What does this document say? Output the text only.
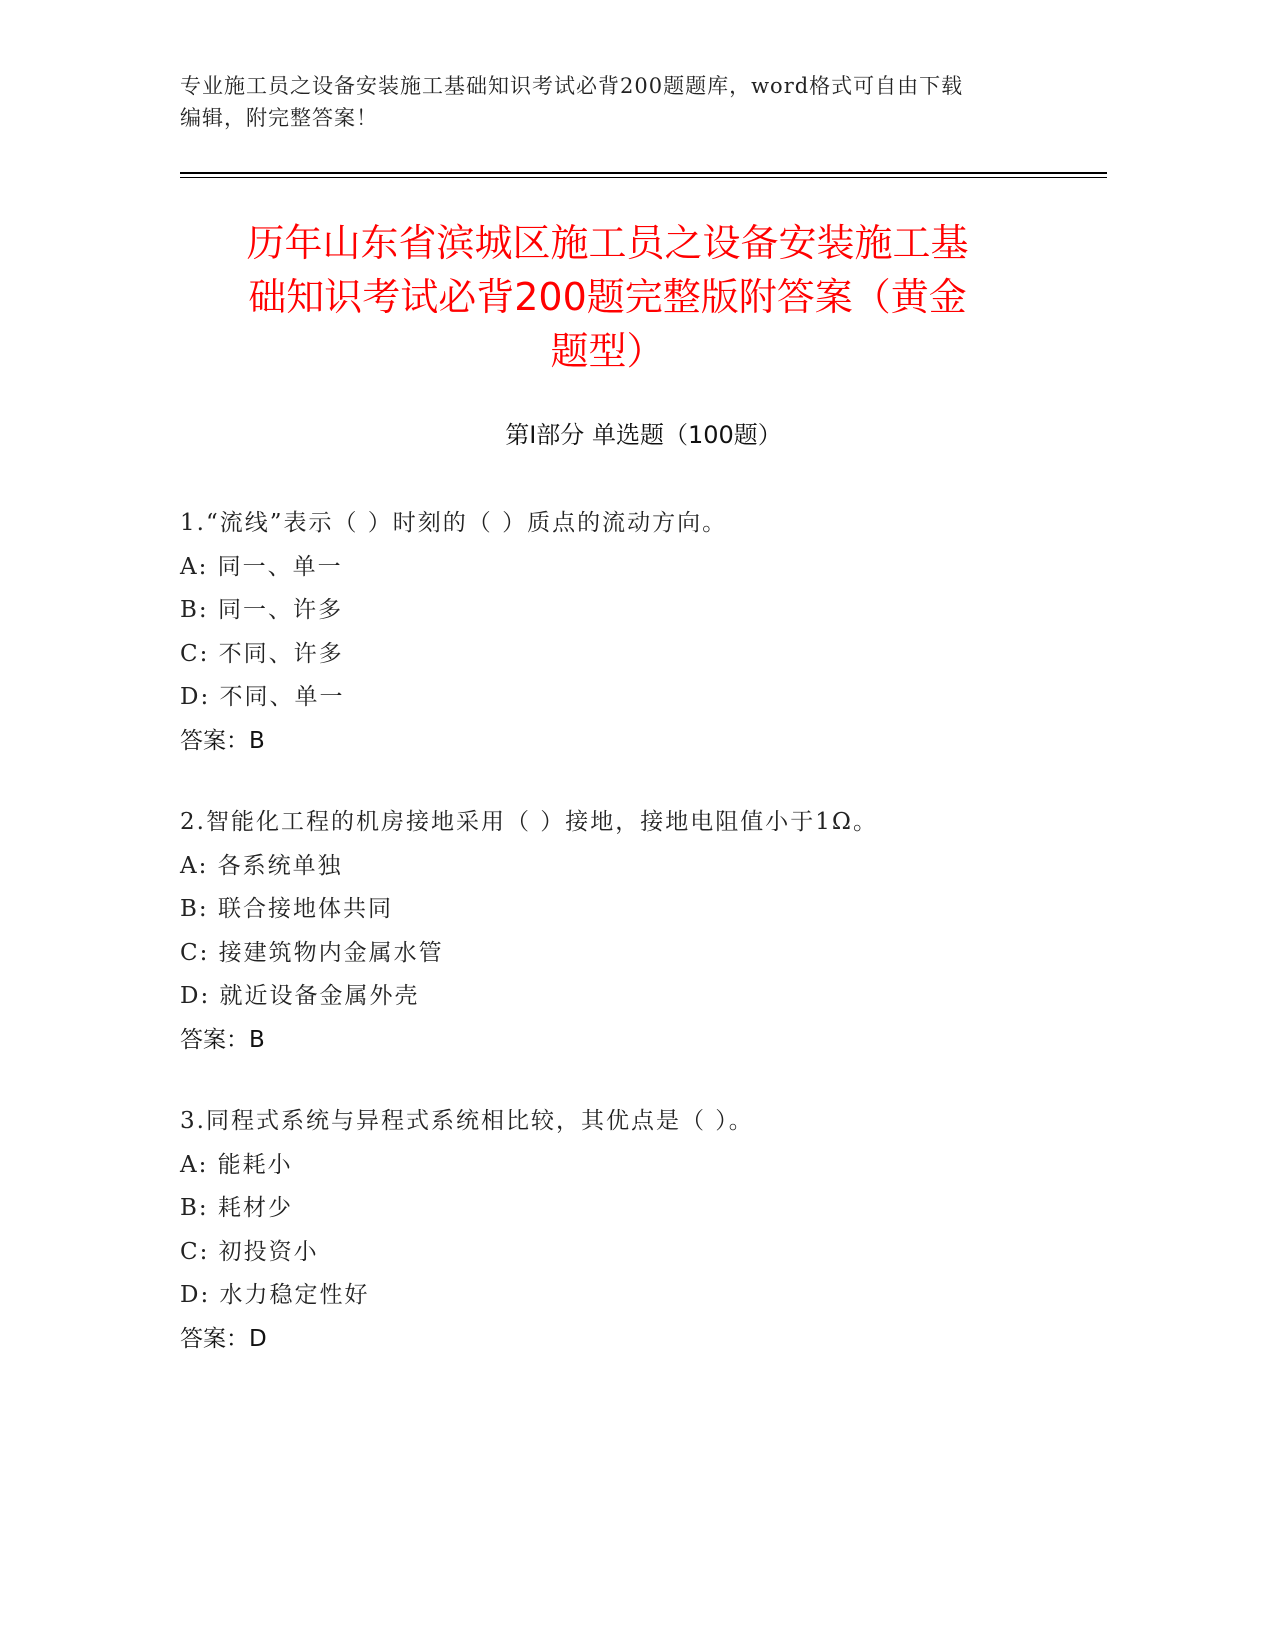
专业施工员之设备安装施工基础知识考试必背200题题库，word格式可自由下载
编辑，附完整答案！
历年山东省滨城区施工员之设备安装施工基
础知识考试必背200题完整版附答案（黄金
题型）
第Ⅰ部分 单选题（100题）
1.“流线”表示（ ）时刻的（ ）质点的流动方向。
A: 同一、单一
B: 同一、许多
C: 不同、许多
D: 不同、单一
答案：B
2.智能化工程的机房接地采用（ ）接地，接地电阻值小于1Ω。
A: 各系统单独
B: 联合接地体共同
C: 接建筑物内金属水管
D: 就近设备金属外壳
答案：B
3.同程式系统与异程式系统相比较，其优点是（ ）。
A: 能耗小
B: 耗材少
C: 初投资小
D: 水力稳定性好
答案：D
